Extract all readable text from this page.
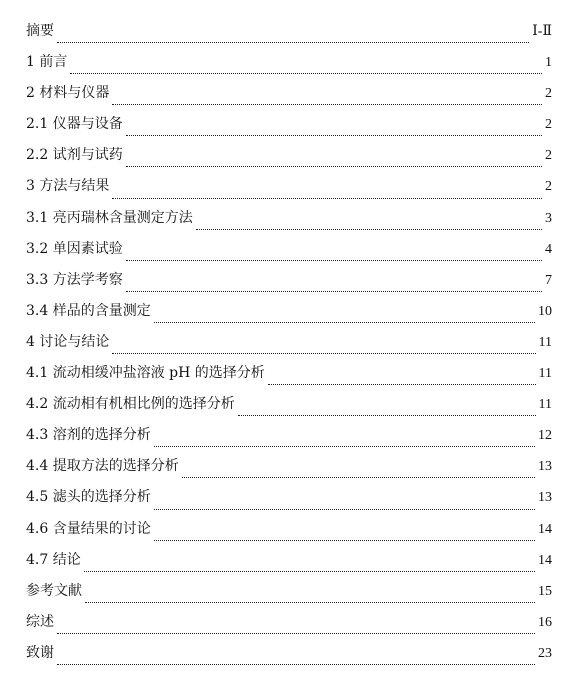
摘要	Ⅰ-Ⅱ
1 前言	1
2 材料与仪器	2
2.1 仪器与设备	2
2.2 试剂与试药	2
3 方法与结果	2
3.1 亮丙瑞林含量测定方法	3
3.2 单因素试验	4
3.3 方法学考察	7
3.4 样品的含量测定	10
4 讨论与结论	11
4.1 流动相缓冲盐溶液 pH 的选择分析	11
4.2 流动相有机相比例的选择分析	11
4.3 溶剂的选择分析	12
4.4 提取方法的选择分析	13
4.5 滤头的选择分析	13
4.6 含量结果的讨论	14
4.7 结论	14
参考文献	15
综述	16
致谢	23
